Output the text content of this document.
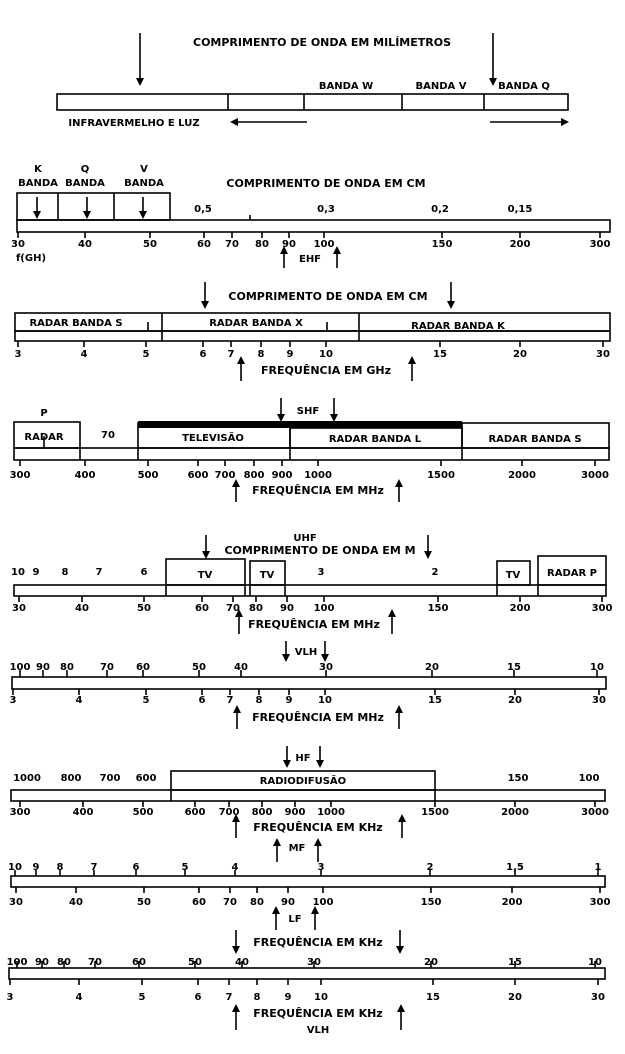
COMPRIMENTO DE ONDA EM MILÍMETROS
BANDA W	BANDA V	BANDA Q
INFRAVERMELHO E LUZ
K	Q	V
BANDA BANDA BANDA	COMPRIMENTO DE ONDA EM CM
0,5	0,3	0,2	0,15
f(GH)	EHF
COMPRIMENTO DE ONDA EM CM
RADAR BANDA S	RADAR BANDA X	RADAR BANDA K
FREQUÊNCIA EM GHz
SHF
P
RADAR	70	TELEVISÃO	RADAR BANDA L	RADAR BANDA S
FREQUÊNCIA EM MHz
UHF
COMPRIMENTO DE ONDA EM M
10 9 8	7	6	3	2
TV	TV	TV	RADAR P
FREQUÊNCIA EM MHz
VLH
FREQUÊNCIA EM MHz
HF
RADIODIFUSÃO
FREQUÊNCIA EM KHz
MF
LF
FREQUÊNCIA EM KHz
FREQUÊNCIA EM KHz
VLH
30	40	50	60 70 80 90 100	150	200	300
3	4	5	6 7 8 9	10	15	20	30
300	400	500	600 700 800 900 1000	1500	2000	3000
30	40	50	60 70 80 90 100	150	200	300
100 90 80	70 60	50	40	30	20	15	10
3	4	5	6 7 8 9	10	15	20	30
1000 800 700 600	150	100
300	400	500	600 700 800 900 1000	1500	2000	3000
10 9 8	7	6	5	4	3	2	1,5	1
30	40	50	60 70 80 90 100	150	200	300
100 90 80 70	60	50	40	30	20	15	10
3	4	5	6 7 8 9 10	15	20	30
